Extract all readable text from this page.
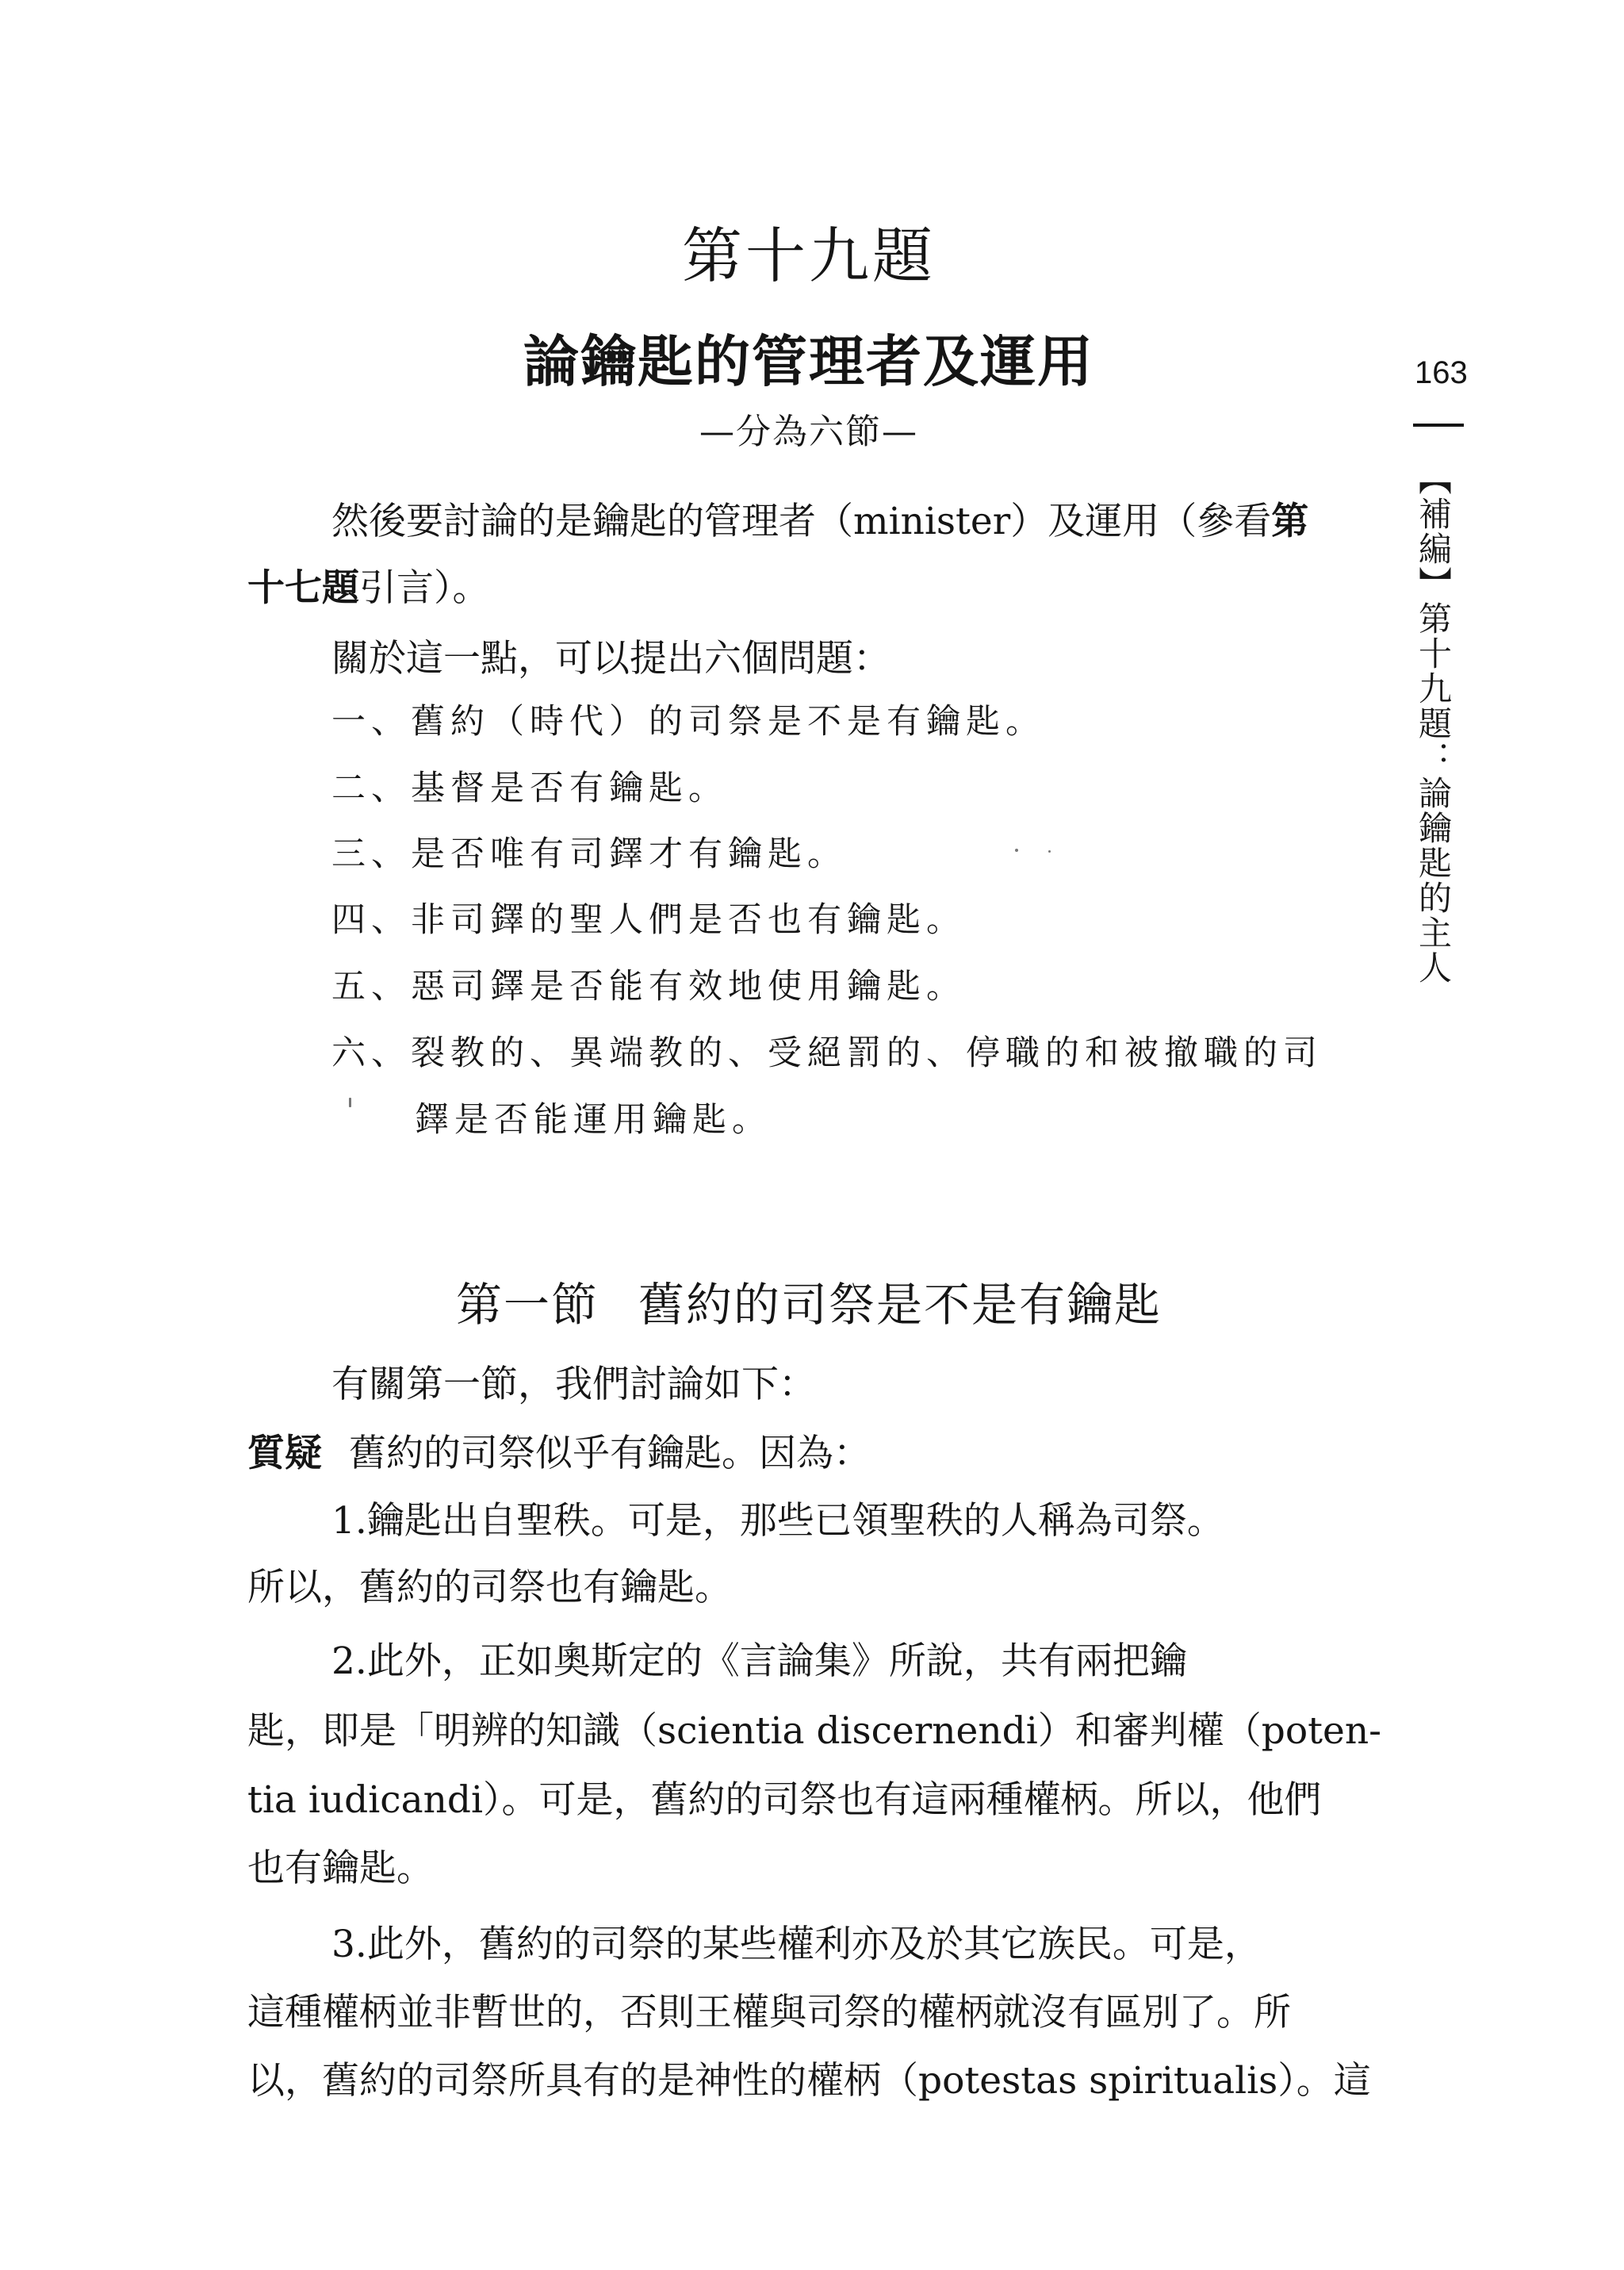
第十九題
論鑰匙的管理者及運用
—分為六節—
然後要討論的是鑰匙的管理者（minister）及運用（參看第
十七題引言）。
關於這一點，可以提出六個問題：
一、舊約（時代）的司祭是不是有鑰匙。
二、基督是否有鑰匙。
三、是否唯有司鐸才有鑰匙。
四、非司鐸的聖人們是否也有鑰匙。
五、惡司鐸是否能有效地使用鑰匙。
六、裂教的、異端教的、受絕罰的、停職的和被撤職的司
鐸是否能運用鑰匙。
第一節 舊約的司祭是不是有鑰匙
有關第一節，我們討論如下：
質疑 舊約的司祭似乎有鑰匙。因為：
1.鑰匙出自聖秩。可是，那些已領聖秩的人稱為司祭。
所以，舊約的司祭也有鑰匙。
2.此外，正如奧斯定的《言論集》所說，共有兩把鑰
匙，即是「明辨的知識（scientia discernendi）和審判權（poten-
tia iudicandi）。可是，舊約的司祭也有這兩種權柄。所以，他們
也有鑰匙。
3.此外，舊約的司祭的某些權利亦及於其它族民。可是，
這種權柄並非暫世的，否則王權與司祭的權柄就沒有區別了。所
以，舊約的司祭所具有的是神性的權柄（potestas spiritualis）。這
163
【補編】第十九題：論鑰匙的主人
